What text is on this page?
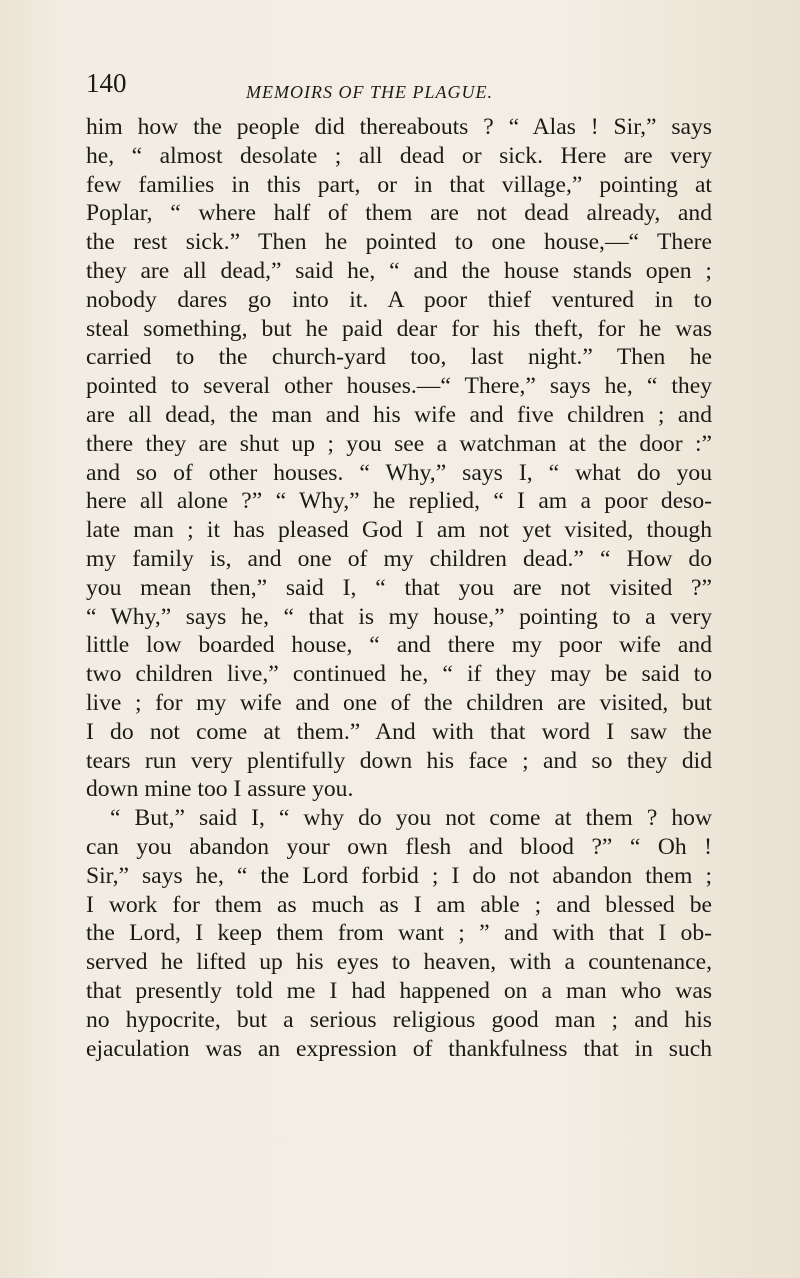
140	MEMOIRS OF THE PLAGUE.
him how the people did thereabouts ? “ Alas ! Sir,” says
he, “ almost desolate ; all dead or sick. Here are very
few families in this part, or in that village,” pointing at
Poplar, “ where half of them are not dead already, and
the rest sick.” Then he pointed to one house,—“ There
they are all dead,” said he, “ and the house stands open ;
nobody dares go into it. A poor thief ventured in to
steal something, but he paid dear for his theft, for he was
carried to the church-yard too, last night.” Then he
pointed to several other houses.—“ There,” says he, “ they
are all dead, the man and his wife and five children ; and
there they are shut up ; you see a watchman at the door :”
and so of other houses. “ Why,” says I, “ what do you
here all alone ?” “ Why,” he replied, “ I am a poor deso-
late man ; it has pleased God I am not yet visited, though
my family is, and one of my children dead.” “ How do
you mean then,” said I, “ that you are not visited ?”
“ Why,” says he, “ that is my house,” pointing to a very
little low boarded house, “ and there my poor wife and
two children live,” continued he, “ if they may be said to
live ; for my wife and one of the children are visited, but
I do not come at them.” And with that word I saw the
tears run very plentifully down his face ; and so they did
down mine too I assure you.
“ But,” said I, “ why do you not come at them ? how
can you abandon your own flesh and blood ?” “ Oh !
Sir,” says he, “ the Lord forbid ; I do not abandon them ;
I work for them as much as I am able ; and blessed be
the Lord, I keep them from want ; ” and with that I ob-
served he lifted up his eyes to heaven, with a countenance,
that presently told me I had happened on a man who was
no hypocrite, but a serious religious good man ; and his
ejaculation was an expression of thankfulness that in such
